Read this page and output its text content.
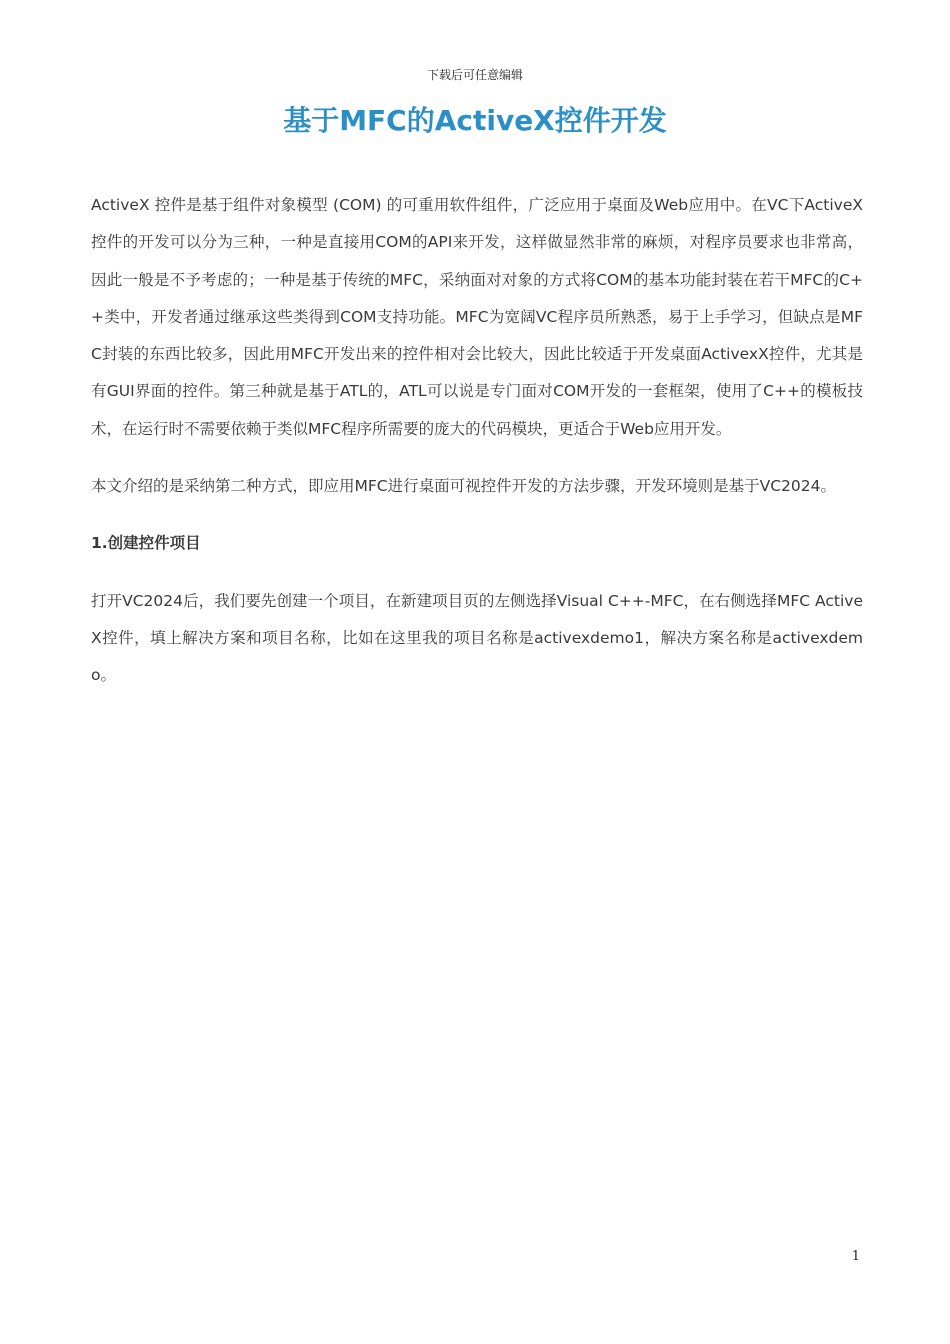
下载后可任意编辑
基于MFC的ActiveX控件开发

ActiveX 控件是基于组件对象模型 (COM) 的可重用软件组件，广泛应用于桌面及Web应用中。在VC下ActiveX控件的开发可以分为三种，一种是直接用COM的API来开发，这样做显然非常的麻烦，对程序员要求也非常高，因此一般是不予考虑的；一种是基于传统的MFC，采纳面对对象的方式将COM的基本功能封装在若干MFC的C++类中，开发者通过继承这些类得到COM支持功能。MFC为宽阔VC程序员所熟悉，易于上手学习，但缺点是MFC封装的东西比较多，因此用MFC开发出来的控件相对会比较大，因此比较适于开发桌面ActivexX控件，尤其是有GUI界面的控件。第三种就是基于ATL的，ATL可以说是专门面对COM开发的一套框架，使用了C++的模板技术，在运行时不需要依赖于类似MFC程序所需要的庞大的代码模块，更适合于Web应用开发。

本文介绍的是采纳第二种方式，即应用MFC进行桌面可视控件开发的方法步骤，开发环境则是基于VC2024。

1.创建控件项目

打开VC2024后，我们要先创建一个项目，在新建项目页的左侧选择Visual C++-MFC，在右侧选择MFC ActiveX控件，填上解决方案和项目名称，比如在这里我的项目名称是activexdemo1，解决方案名称是activexdemo。

1
